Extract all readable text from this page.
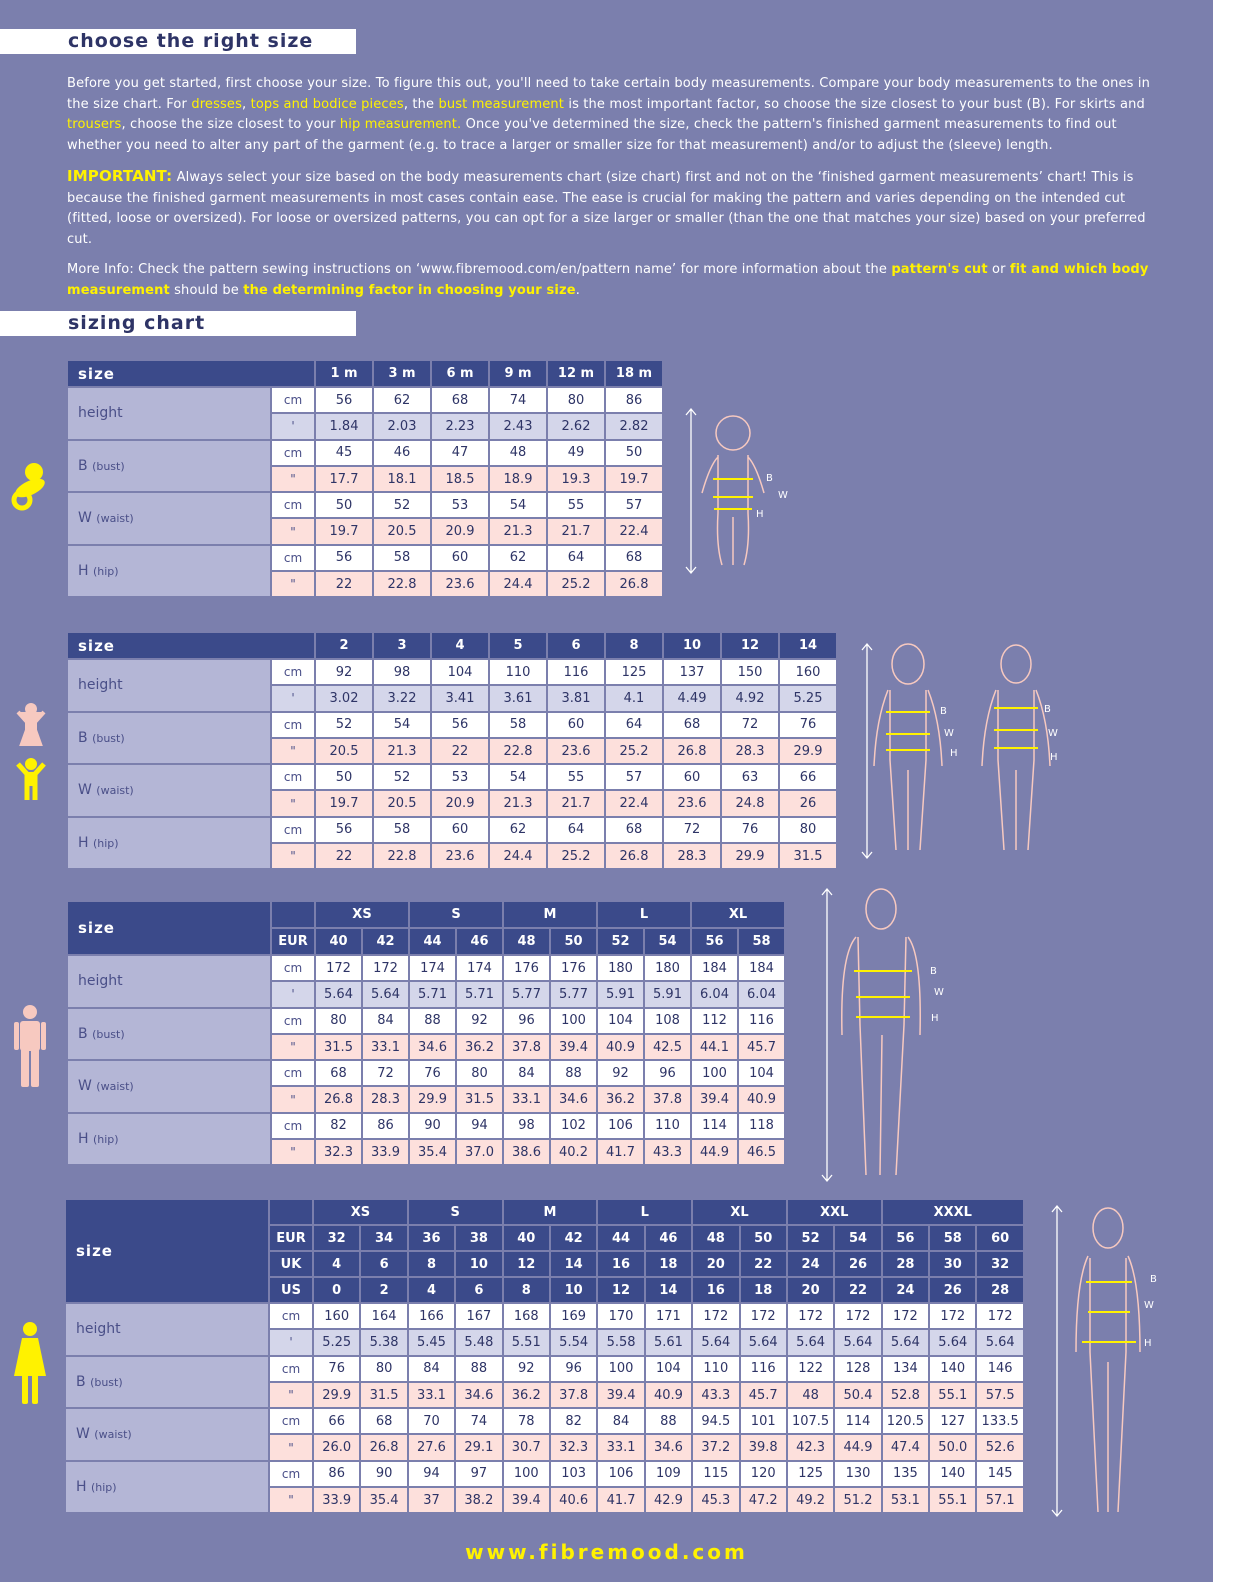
choose the right size

Before you get started, first choose your size. To figure this out, you'll need to take certain body measurements. Compare your body measurements to the ones in the size chart. For dresses, tops and bodice pieces, the bust measurement is the most important factor, so choose the size closest to your bust (B). For skirts and trousers, choose the size closest to your hip measurement. Once you've determined the size, check the pattern's finished garment measurements to find out whether you need to alter any part of the garment (e.g. to trace a larger or smaller size for that measurement) and/or to adjust the (sleeve) length.

IMPORTANT: Always select your size based on the body measurements chart (size chart) first and not on the ‘finished garment measurements’ chart! This is because the finished garment measurements in most cases contain ease. The ease is crucial for making the pattern and varies depending on the intended cut (fitted, loose or oversized). For loose or oversized patterns, you can opt for a size larger or smaller (than the one that matches your size) based on your preferred cut.

More Info: Check the pattern sewing instructions on ‘www.fibremood.com/en/pattern name’ for more information about the pattern's cut or fit and which body measurement should be the determining factor in choosing your size.

sizing chart
size		1 m	3 m	6 m	9 m	12 m	18 m
height	cm	56	62	68	74	80	86
	'	1.84	2.03	2.23	2.43	2.62	2.82
B (bust)	cm	45	46	47	48	49	50
	"	17.7	18.1	18.5	18.9	19.3	19.7
W (waist)	cm	50	52	53	54	55	57
	"	19.7	20.5	20.9	21.3	21.7	22.4
H (hip)	cm	56	58	60	62	64	68
	"	22	22.8	23.6	24.4	25.2	26.8
size		2	3	4	5	6	8	10	12	14
height	cm	92	98	104	110	116	125	137	150	160
	'	3.02	3.22	3.41	3.61	3.81	4.1	4.49	4.92	5.25
B (bust)	cm	52	54	56	58	60	64	68	72	76
	"	20.5	21.3	22	22.8	23.6	25.2	26.8	28.3	29.9
W (waist)	cm	50	52	53	54	55	57	60	63	66
	"	19.7	20.5	20.9	21.3	21.7	22.4	23.6	24.8	26
H (hip)	cm	56	58	60	62	64	68	72	76	80
	"	22	22.8	23.6	24.4	25.2	26.8	28.3	29.9	31.5
size		XS		S		M		L		XL	
	EUR	40	42	44	46	48	50	52	54	56	58
height	cm	172	172	174	174	176	176	180	180	184	184
	'	5.64	5.64	5.71	5.71	5.77	5.77	5.91	5.91	6.04	6.04
B (bust)	cm	80	84	88	92	96	100	104	108	112	116
	"	31.5	33.1	34.6	36.2	37.8	39.4	40.9	42.5	44.1	45.7
W (waist)	cm	68	72	76	80	84	88	92	96	100	104
	"	26.8	28.3	29.9	31.5	33.1	34.6	36.2	37.8	39.4	40.9
H (hip)	cm	82	86	90	94	98	102	106	110	114	118
	"	32.3	33.9	35.4	37.0	38.6	40.2	41.7	43.3	44.9	46.5
size		XS		S		M		L		XL		XXL		XXXL		
	EUR	32	34	36	38	40	42	44	46	48	50	52	54	56	58	60
	UK	4	6	8	10	12	14	16	18	20	22	24	26	28	30	32
	US	0	2	4	6	8	10	12	14	16	18	20	22	24	26	28
height	cm	160	164	166	167	168	169	170	171	172	172	172	172	172	172	172
	'	5.25	5.38	5.45	5.48	5.51	5.54	5.58	5.61	5.64	5.64	5.64	5.64	5.64	5.64	5.64
B (bust)	cm	76	80	84	88	92	96	100	104	110	116	122	128	134	140	146
	"	29.9	31.5	33.1	34.6	36.2	37.8	39.4	40.9	43.3	45.7	48	50.4	52.8	55.1	57.5
W (waist)	cm	66	68	70	74	78	82	84	88	94.5	101	107.5	114	120.5	127	133.5
	"	26.0	26.8	27.6	29.1	30.7	32.3	33.1	34.6	37.2	39.8	42.3	44.9	47.4	50.0	52.6
H (hip)	cm	86	90	94	97	100	103	106	109	115	120	125	130	135	140	145
	"	33.9	35.4	37	38.2	39.4	40.6	41.7	42.9	45.3	47.2	49.2	51.2	53.1	55.1	57.1
B
W
H
B
W
H
B
W
H
B
W
H
B
W
H
www.fibremood.com
